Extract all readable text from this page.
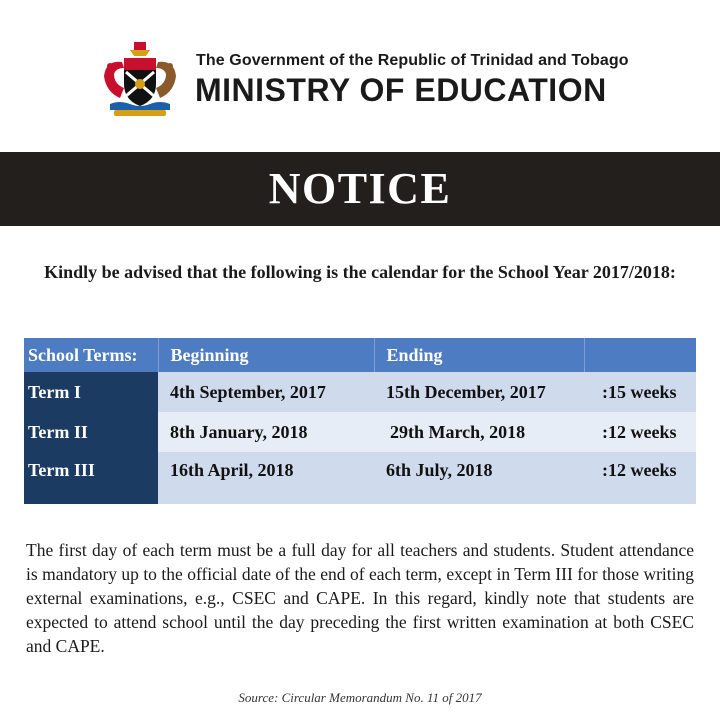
The Government of the Republic of Trinidad and Tobago
MINISTRY OF EDUCATION
NOTICE
Kindly be advised that the following is the calendar for the School Year 2017/2018:
School Terms:	Beginning	Ending	
Term I	4th September, 2017	15th December, 2017	:15 weeks
Term II	8th January, 2018	29th March, 2018	:12 weeks
Term III	16th April, 2018	6th July, 2018	:12 weeks
The first day of each term must be a full day for all teachers and students. Student attendance is mandatory up to the official date of the end of each term, except in Term III for those writing external examinations, e.g., CSEC and CAPE. In this regard, kindly note that students are expected to attend school until the day preceding the first written examination at both CSEC and CAPE.
Source: Circular Memorandum No. 11 of 2017
